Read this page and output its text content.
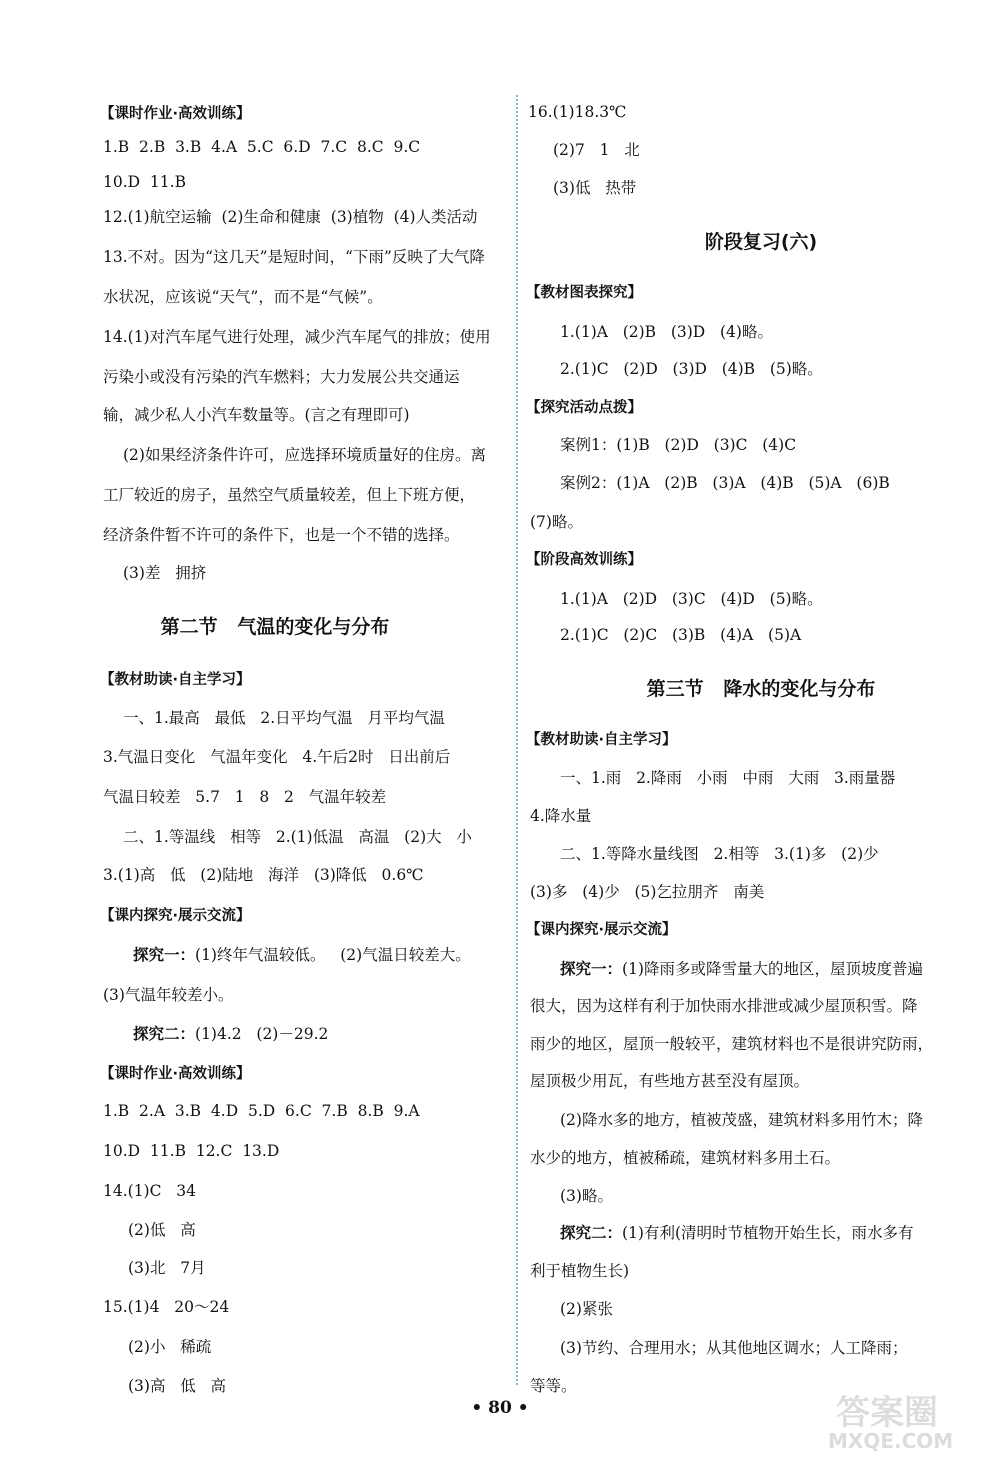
【课时作业·高效训练】
1.B  2.B  3.B  4.A  5.C  6.D  7.C  8.C  9.C
10.D  11.B
12.(1)航空运输  (2)生命和健康  (3)植物  (4)人类活动
13.不对。因为“这几天”是短时间，“下雨”反映了大气降
水状况，应该说“天气”，而不是“气候”。
14.(1)对汽车尾气进行处理，减少汽车尾气的排放；使用
污染小或没有污染的汽车燃料；大力发展公共交通运
输，减少私人小汽车数量等。(言之有理即可)
(2)如果经济条件许可，应选择环境质量好的住房。离
工厂较近的房子，虽然空气质量较差，但上下班方便，
经济条件暂不许可的条件下，也是一个不错的选择。
(3)差   拥挤
第二节   气温的变化与分布
【教材助读·自主学习】
一、1.最高   最低   2.日平均气温   月平均气温
3.气温日变化   气温年变化   4.午后2时   日出前后
气温日较差   5.7   1   8   2   气温年较差
二、1.等温线   相等   2.(1)低温   高温   (2)大   小
3.(1)高   低   (2)陆地   海洋   (3)降低   0.6℃
【课内探究·展示交流】
探究一：(1)终年气温较低。   (2)气温日较差大。
(3)气温年较差小。
探究二：(1)4.2   (2)－29.2
【课时作业·高效训练】
1.B  2.A  3.B  4.D  5.D  6.C  7.B  8.B  9.A
10.D  11.B  12.C  13.D
14.(1)C   34
(2)低   高
(3)北   7月
15.(1)4   20～24
(2)小   稀疏
(3)高   低   高
16.(1)18.3℃
(2)7   1   北
(3)低   热带
阶段复习(六)
【教材图表探究】
1.(1)A   (2)B   (3)D   (4)略。
2.(1)C   (2)D   (3)D   (4)B   (5)略。
【探究活动点拨】
案例1：(1)B   (2)D   (3)C   (4)C
案例2：(1)A   (2)B   (3)A   (4)B   (5)A   (6)B
(7)略。
【阶段高效训练】
1.(1)A   (2)D   (3)C   (4)D   (5)略。
2.(1)C   (2)C   (3)B   (4)A   (5)A
第三节   降水的变化与分布
【教材助读·自主学习】
一、1.雨   2.降雨   小雨   中雨   大雨   3.雨量器
4.降水量
二、1.等降水量线图   2.相等   3.(1)多   (2)少
(3)多   (4)少   (5)乞拉朋齐   南美
【课内探究·展示交流】
探究一：(1)降雨多或降雪量大的地区，屋顶坡度普遍
很大，因为这样有利于加快雨水排泄或减少屋顶积雪。降
雨少的地区，屋顶一般较平，建筑材料也不是很讲究防雨，
屋顶极少用瓦，有些地方甚至没有屋顶。
(2)降水多的地方，植被茂盛，建筑材料多用竹木；降
水少的地方，植被稀疏，建筑材料多用土石。
(3)略。
探究二：(1)有利(清明时节植物开始生长，雨水多有
利于植物生长)
(2)紧张
(3)节约、合理用水；从其他地区调水；人工降雨；
等等。
• 80 •	答案圈
MXQE.COM
